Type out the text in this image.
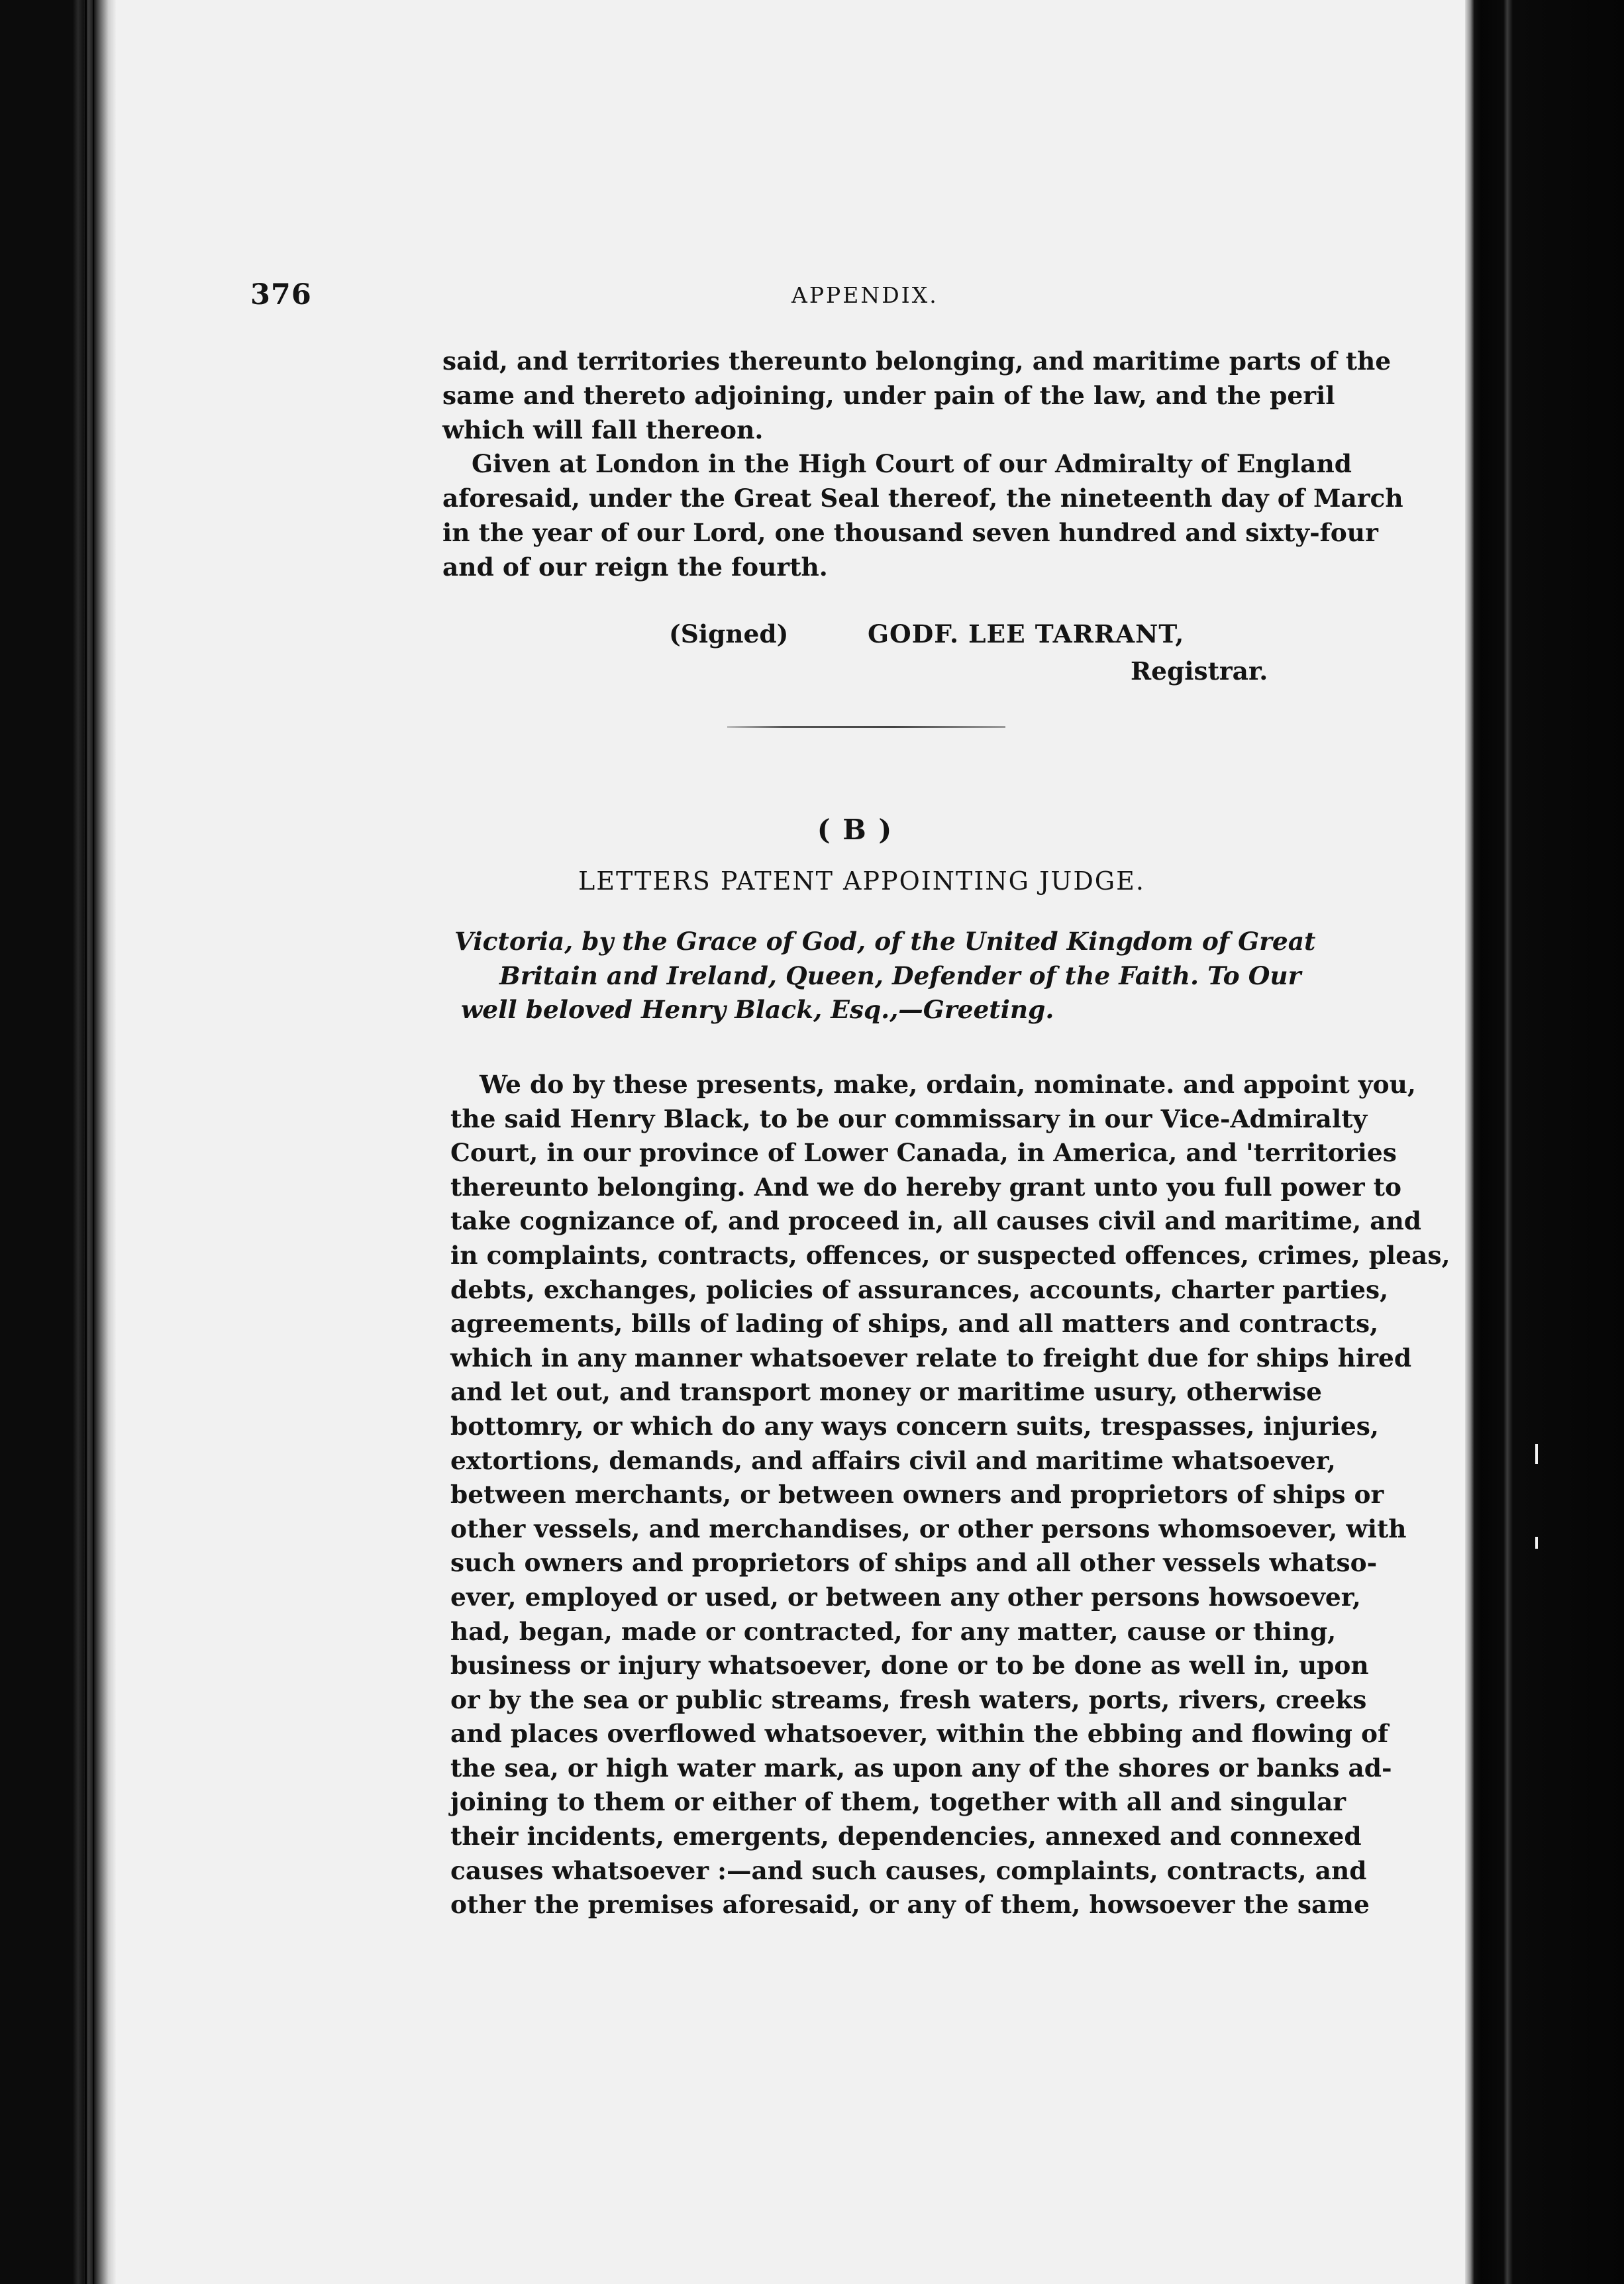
376	APPENDIX.
said, and territories thereunto belonging, and maritime parts of the
same and thereto adjoining, under pain of the law, and the peril
which will fall thereon.
Given at London in the High Court of our Admiralty of England
aforesaid, under the Great Seal thereof, the nineteenth day of March
in the year of our Lord, one thousand seven hundred and sixty-four
and of our reign the fourth.
(Signed)	GODF. LEE TARRANT,
Registrar.
( B )
LETTERS PATENT APPOINTING JUDGE.
Victoria, by the Grace of God, of the United Kingdom of Great
Britain and Ireland, Queen, Defender of the Faith. To Our
well beloved Henry Black, Esq.,—Greeting.
We do by these presents, make, ordain, nominate. and appoint you,
the said Henry Black, to be our commissary in our Vice-Admiralty
Court, in our province of Lower Canada, in America, and 'territories
thereunto belonging. And we do hereby grant unto you full power to
take cognizance of, and proceed in, all causes civil and maritime, and
in complaints, contracts, offences, or suspected offences, crimes, pleas,
debts, exchanges, policies of assurances, accounts, charter parties,
agreements, bills of lading of ships, and all matters and contracts,
which in any manner whatsoever relate to freight due for ships hired
and let out, and transport money or maritime usury, otherwise
bottomry, or which do any ways concern suits, trespasses, injuries,
extortions, demands, and affairs civil and maritime whatsoever,
between merchants, or between owners and proprietors of ships or
other vessels, and merchandises, or other persons whomsoever, with
such owners and proprietors of ships and all other vessels whatso-
ever, employed or used, or between any other persons howsoever,
had, began, made or contracted, for any matter, cause or thing,
business or injury whatsoever, done or to be done as well in, upon
or by the sea or public streams, fresh waters, ports, rivers, creeks
and places overflowed whatsoever, within the ebbing and flowing of
the sea, or high water mark, as upon any of the shores or banks ad-
joining to them or either of them, together with all and singular
their incidents, emergents, dependencies, annexed and connexed
causes whatsoever :—and such causes, complaints, contracts, and
other the premises aforesaid, or any of them, howsoever the same
